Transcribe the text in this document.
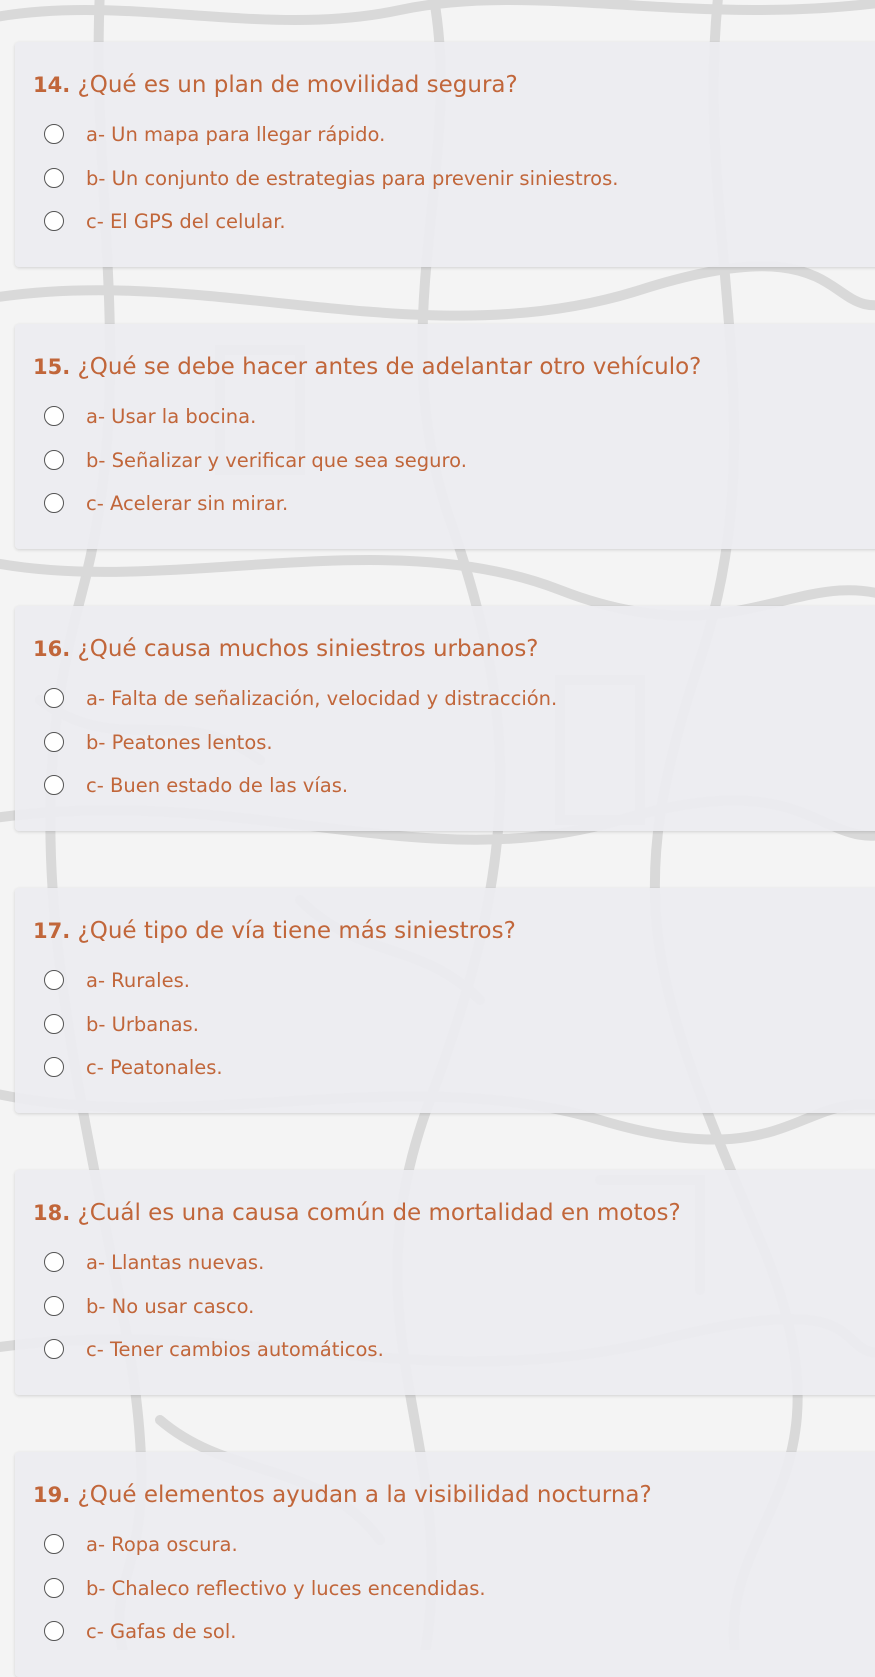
14. ¿Qué es un plan de movilidad segura?
a- Un mapa para llegar rápido.
b- Un conjunto de estrategias para prevenir siniestros.
c- El GPS del celular.
15. ¿Qué se debe hacer antes de adelantar otro vehículo?
a- Usar la bocina.
b- Señalizar y verificar que sea seguro.
c- Acelerar sin mirar.
16. ¿Qué causa muchos siniestros urbanos?
a- Falta de señalización, velocidad y distracción.
b- Peatones lentos.
c- Buen estado de las vías.
17. ¿Qué tipo de vía tiene más siniestros?
a- Rurales.
b- Urbanas.
c- Peatonales.
18. ¿Cuál es una causa común de mortalidad en motos?
a- Llantas nuevas.
b- No usar casco.
c- Tener cambios automáticos.
19. ¿Qué elementos ayudan a la visibilidad nocturna?
a- Ropa oscura.
b- Chaleco reflectivo y luces encendidas.
c- Gafas de sol.
